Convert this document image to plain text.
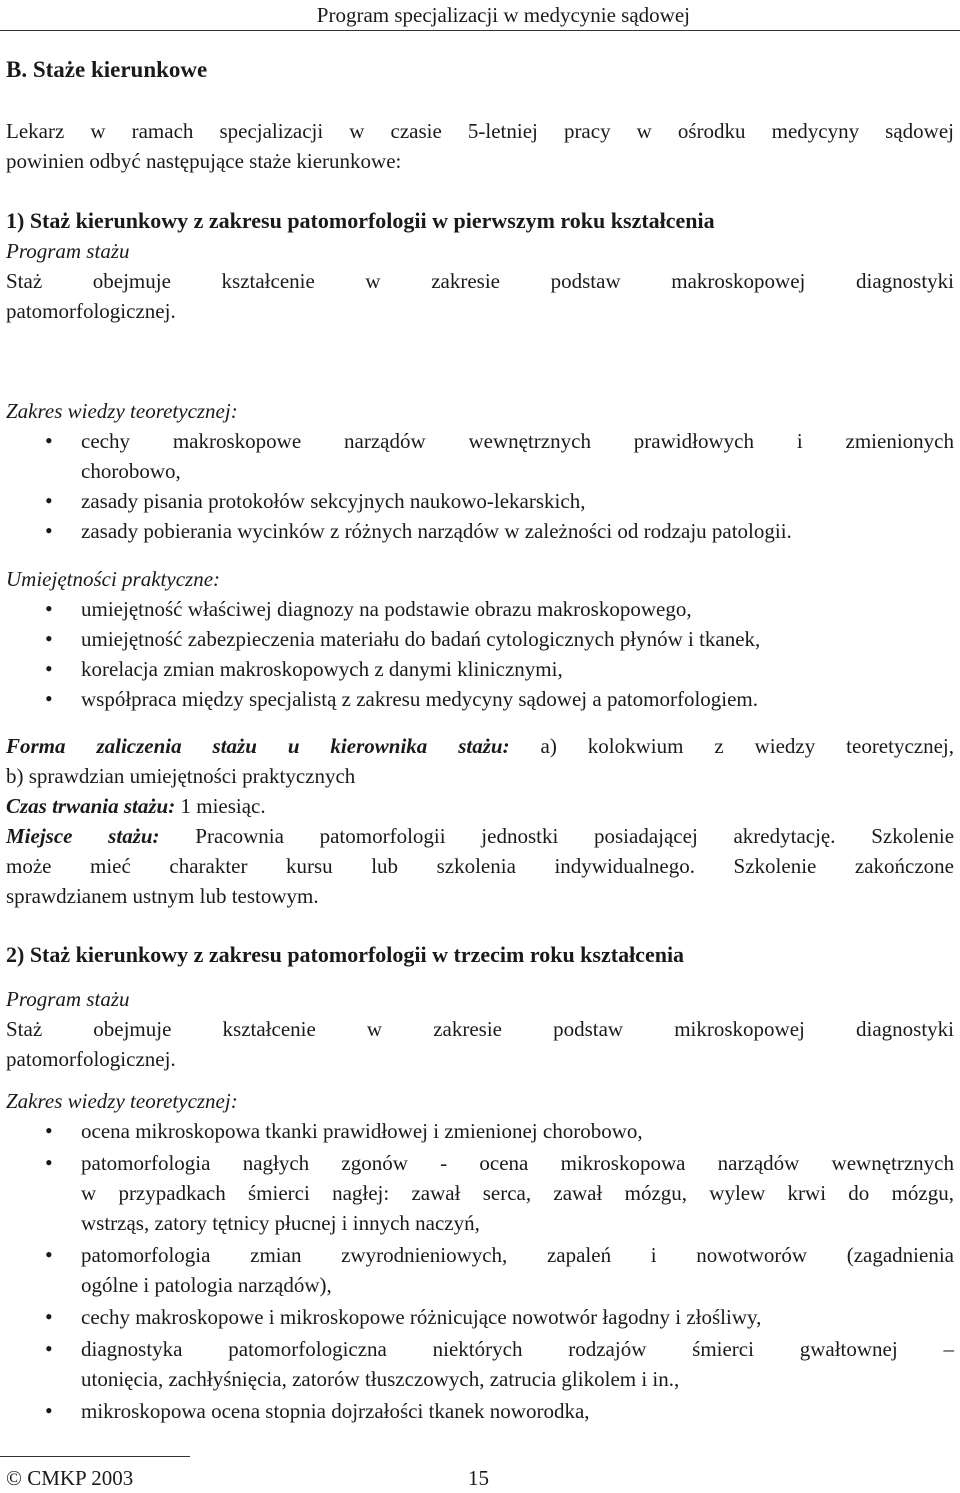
Program specjalizacji w medycynie sądowej
B. Staże kierunkowe
Lekarz w ramach specjalizacji w czasie 5-letniej pracy w ośrodku medycyny sądowej
powinien odbyć następujące staże kierunkowe:
1) Staż kierunkowy z zakresu patomorfologii w pierwszym roku kształcenia
Program stażu
Staż obejmuje kształcenie w zakresie podstaw makroskopowej diagnostyki
patomorfologicznej.
Zakres wiedzy teoretycznej:
• cechy makroskopowe narządów wewnętrznych prawidłowych i zmienionych
chorobowo,
• zasady pisania protokołów sekcyjnych naukowo-lekarskich,
• zasady pobierania wycinków z różnych narządów w zależności od rodzaju patologii.
Umiejętności praktyczne:
• umiejętność właściwej diagnozy na podstawie obrazu makroskopowego,
• umiejętność zabezpieczenia materiału do badań cytologicznych płynów i tkanek,
• korelacja zmian makroskopowych z danymi klinicznymi,
• współpraca między specjalistą z zakresu medycyny sądowej a patomorfologiem.
Forma zaliczenia stażu u kierownika stażu: a) kolokwium z wiedzy teoretycznej,
b) sprawdzian umiejętności praktycznych
Czas trwania stażu: 1 miesiąc.
Miejsce stażu: Pracownia patomorfologii jednostki posiadającej akredytację. Szkolenie
może mieć charakter kursu lub szkolenia indywidualnego. Szkolenie zakończone
sprawdzianem ustnym lub testowym.
2) Staż kierunkowy z zakresu patomorfologii w trzecim roku kształcenia
Program stażu
Staż obejmuje kształcenie w zakresie podstaw mikroskopowej diagnostyki
patomorfologicznej.
Zakres wiedzy teoretycznej:
• ocena mikroskopowa tkanki prawidłowej i zmienionej chorobowo,
• patomorfologia nagłych zgonów - ocena mikroskopowa narządów wewnętrznych
w przypadkach śmierci nagłej: zawał serca, zawał mózgu, wylew krwi do mózgu,
wstrząs, zatory tętnicy płucnej i innych naczyń,
• patomorfologia zmian zwyrodnieniowych, zapaleń i nowotworów (zagadnienia
ogólne i patologia narządów),
• cechy makroskopowe i mikroskopowe różnicujące nowotwór łagodny i złośliwy,
• diagnostyka patomorfologiczna niektórych rodzajów śmierci gwałtownej –
utonięcia, zachłyśnięcia, zatorów tłuszczowych, zatrucia glikolem i in.,
• mikroskopowa ocena stopnia dojrzałości tkanek noworodka,
© CMKP 2003	15
